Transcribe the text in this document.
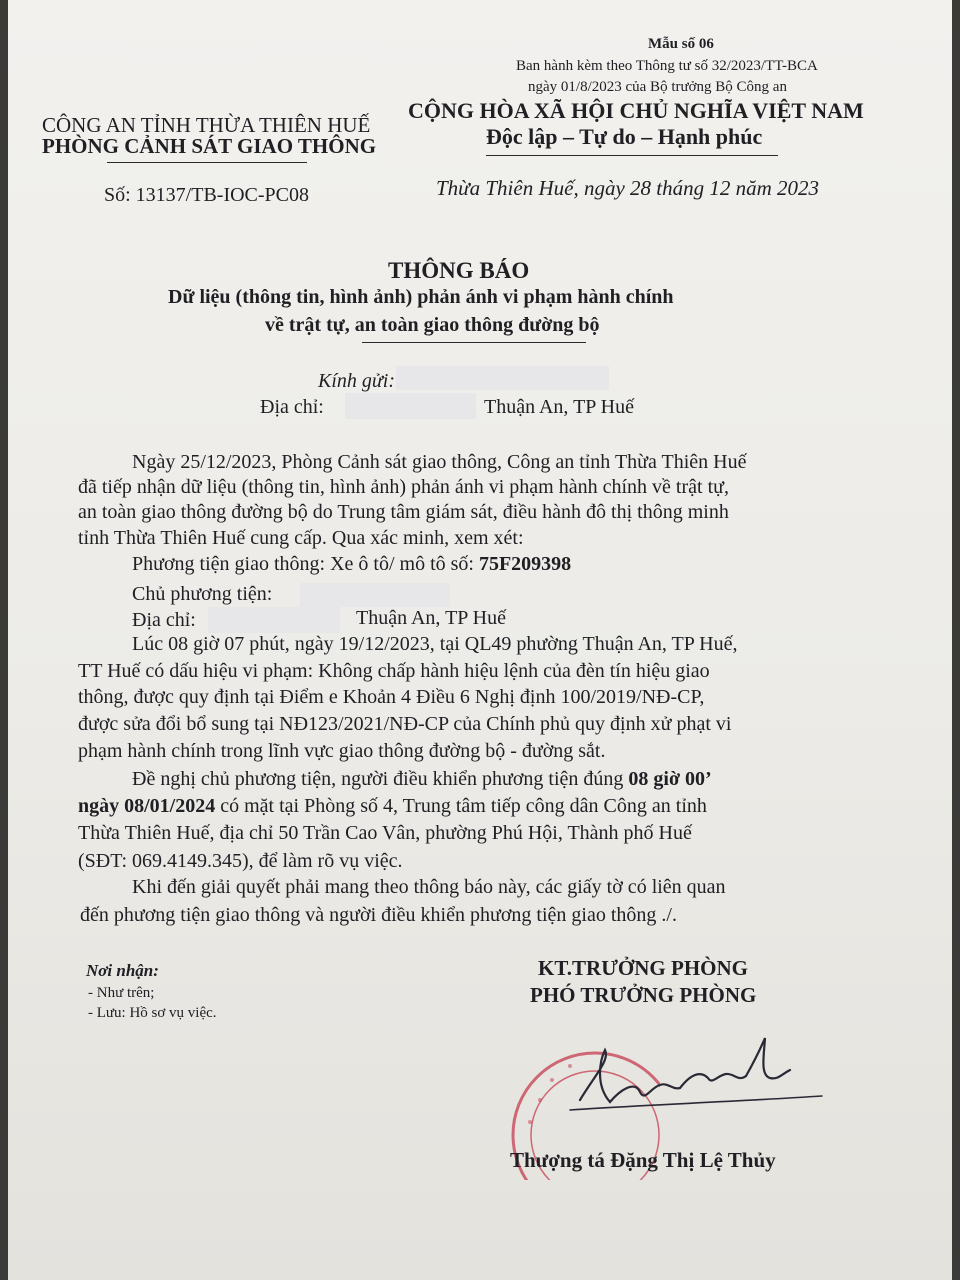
Mẫu số 06
Ban hành kèm theo Thông tư số 32/2023/TT-BCA
ngày 01/8/2023 của Bộ trưởng Bộ Công an
CÔNG AN TỈNH THỪA THIÊN HUẾ
PHÒNG CẢNH SÁT GIAO THÔNG
Số: 13137/TB-IOC-PC08
CỘNG HÒA XÃ HỘI CHỦ NGHĨA VIỆT NAM
Độc lập – Tự do – Hạnh phúc
Thừa Thiên Huế, ngày 28 tháng 12 năm 2023
THÔNG BÁO
Dữ liệu (thông tin, hình ảnh) phản ánh vi phạm hành chính
về trật tự, an toàn giao thông đường bộ
Kính gửi:
Địa chỉ:	Thuận An, TP Huế
Ngày 25/12/2023, Phòng Cảnh sát giao thông, Công an tỉnh Thừa Thiên Huế
đã tiếp nhận dữ liệu (thông tin, hình ảnh) phản ánh vi phạm hành chính về trật tự,
an toàn giao thông đường bộ do Trung tâm giám sát, điều hành đô thị thông minh
tỉnh Thừa Thiên Huế cung cấp. Qua xác minh, xem xét:
Phương tiện giao thông: Xe ô tô/ mô tô số: 75F209398
Chủ phương tiện:
Địa chỉ:	Thuận An, TP Huế
Lúc 08 giờ 07 phút, ngày 19/12/2023, tại QL49 phường Thuận An, TP Huế,
TT Huế có dấu hiệu vi phạm: Không chấp hành hiệu lệnh của đèn tín hiệu giao
thông, được quy định tại Điểm e Khoản 4 Điều 6 Nghị định 100/2019/NĐ-CP,
được sửa đổi bổ sung tại NĐ123/2021/NĐ-CP của Chính phủ quy định xử phạt vi
phạm hành chính trong lĩnh vực giao thông đường bộ - đường sắt.
Đề nghị chủ phương tiện, người điều khiển phương tiện đúng 08 giờ 00’
ngày 08/01/2024 có mặt tại Phòng số 4, Trung tâm tiếp công dân Công an tỉnh
Thừa Thiên Huế, địa chỉ 50 Trần Cao Vân, phường Phú Hội, Thành phố Huế
(SĐT: 069.4149.345), để làm rõ vụ việc.
Khi đến giải quyết phải mang theo thông báo này, các giấy tờ có liên quan
đến phương tiện giao thông và người điều khiển phương tiện giao thông ./.
Nơi nhận:
- Như trên;
- Lưu: Hồ sơ vụ việc.
KT.TRƯỞNG PHÒNG
PHÓ TRƯỞNG PHÒNG
Thượng tá Đặng Thị Lệ Thủy
